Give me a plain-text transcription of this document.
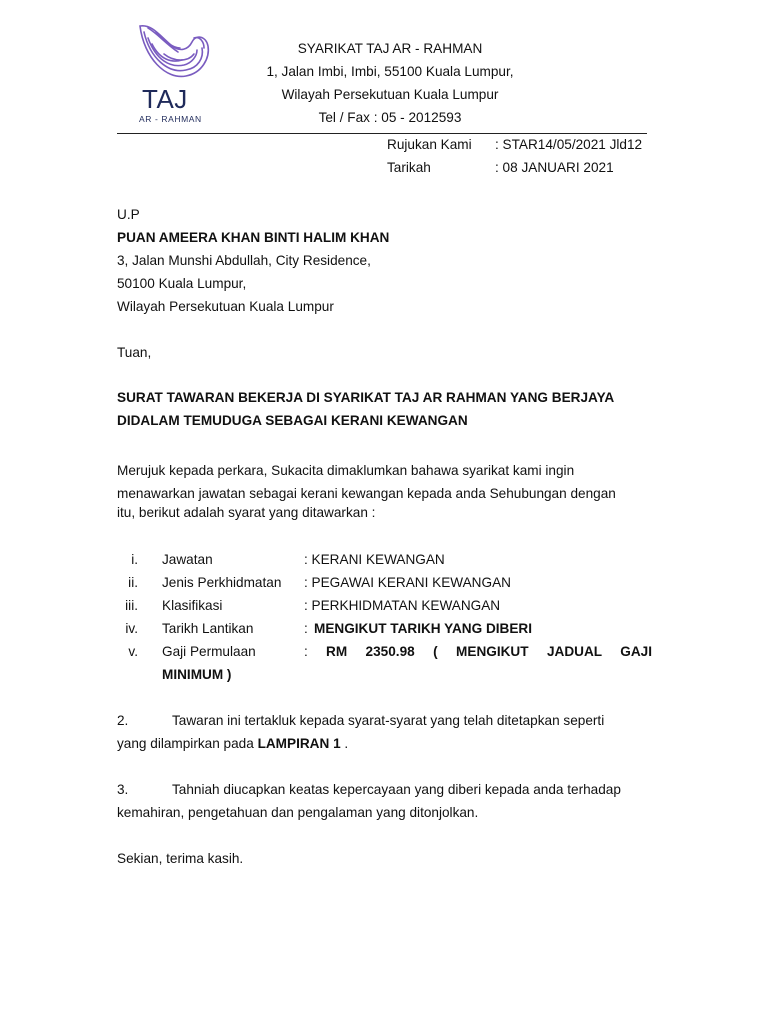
TAJ
AR - RAHMAN
SYARIKAT TAJ AR - RAHMAN
1, Jalan Imbi, Imbi, 55100 Kuala Lumpur,
Wilayah Persekutuan Kuala Lumpur
Tel / Fax : 05 - 2012593
Rujukan Kami : STAR14/05/2021 Jld12
Tarikah	: 08 JANUARI 2021
U.P
PUAN AMEERA KHAN BINTI HALIM KHAN
3, Jalan Munshi Abdullah, City Residence,
50100 Kuala Lumpur,
Wilayah Persekutuan Kuala Lumpur
Tuan,
SURAT TAWARAN BEKERJA DI SYARIKAT TAJ AR RAHMAN YANG BERJAYA
DIDALAM TEMUDUGA SEBAGAI KERANI KEWANGAN
Merujuk kepada perkara, Sukacita dimaklumkan bahawa syarikat kami ingin
menawarkan jawatan sebagai kerani kewangan kepada anda Sehubungan dengan
itu, berikut adalah syarat yang ditawarkan :
i. Jawatan	: KERANI KEWANGAN
ii. Jenis Perkhidmatan : PEGAWAI KERANI KEWANGAN
iii. Klasifikasi	: PERKHIDMATAN KEWANGAN
iv. Tarikh Lantikan	: MENGIKUT TARIKH YANG DIBERI
v. Gaji Permulaan	: RM 2350.98 ( MENGIKUT JADUAL GAJI
MINIMUM )
2.	Tawaran ini tertakluk kepada syarat-syarat yang telah ditetapkan seperti
yang dilampirkan pada LAMPIRAN 1 .
3.	Tahniah diucapkan keatas kepercayaan yang diberi kepada anda terhadap
kemahiran, pengetahuan dan pengalaman yang ditonjolkan.
Sekian, terima kasih.
